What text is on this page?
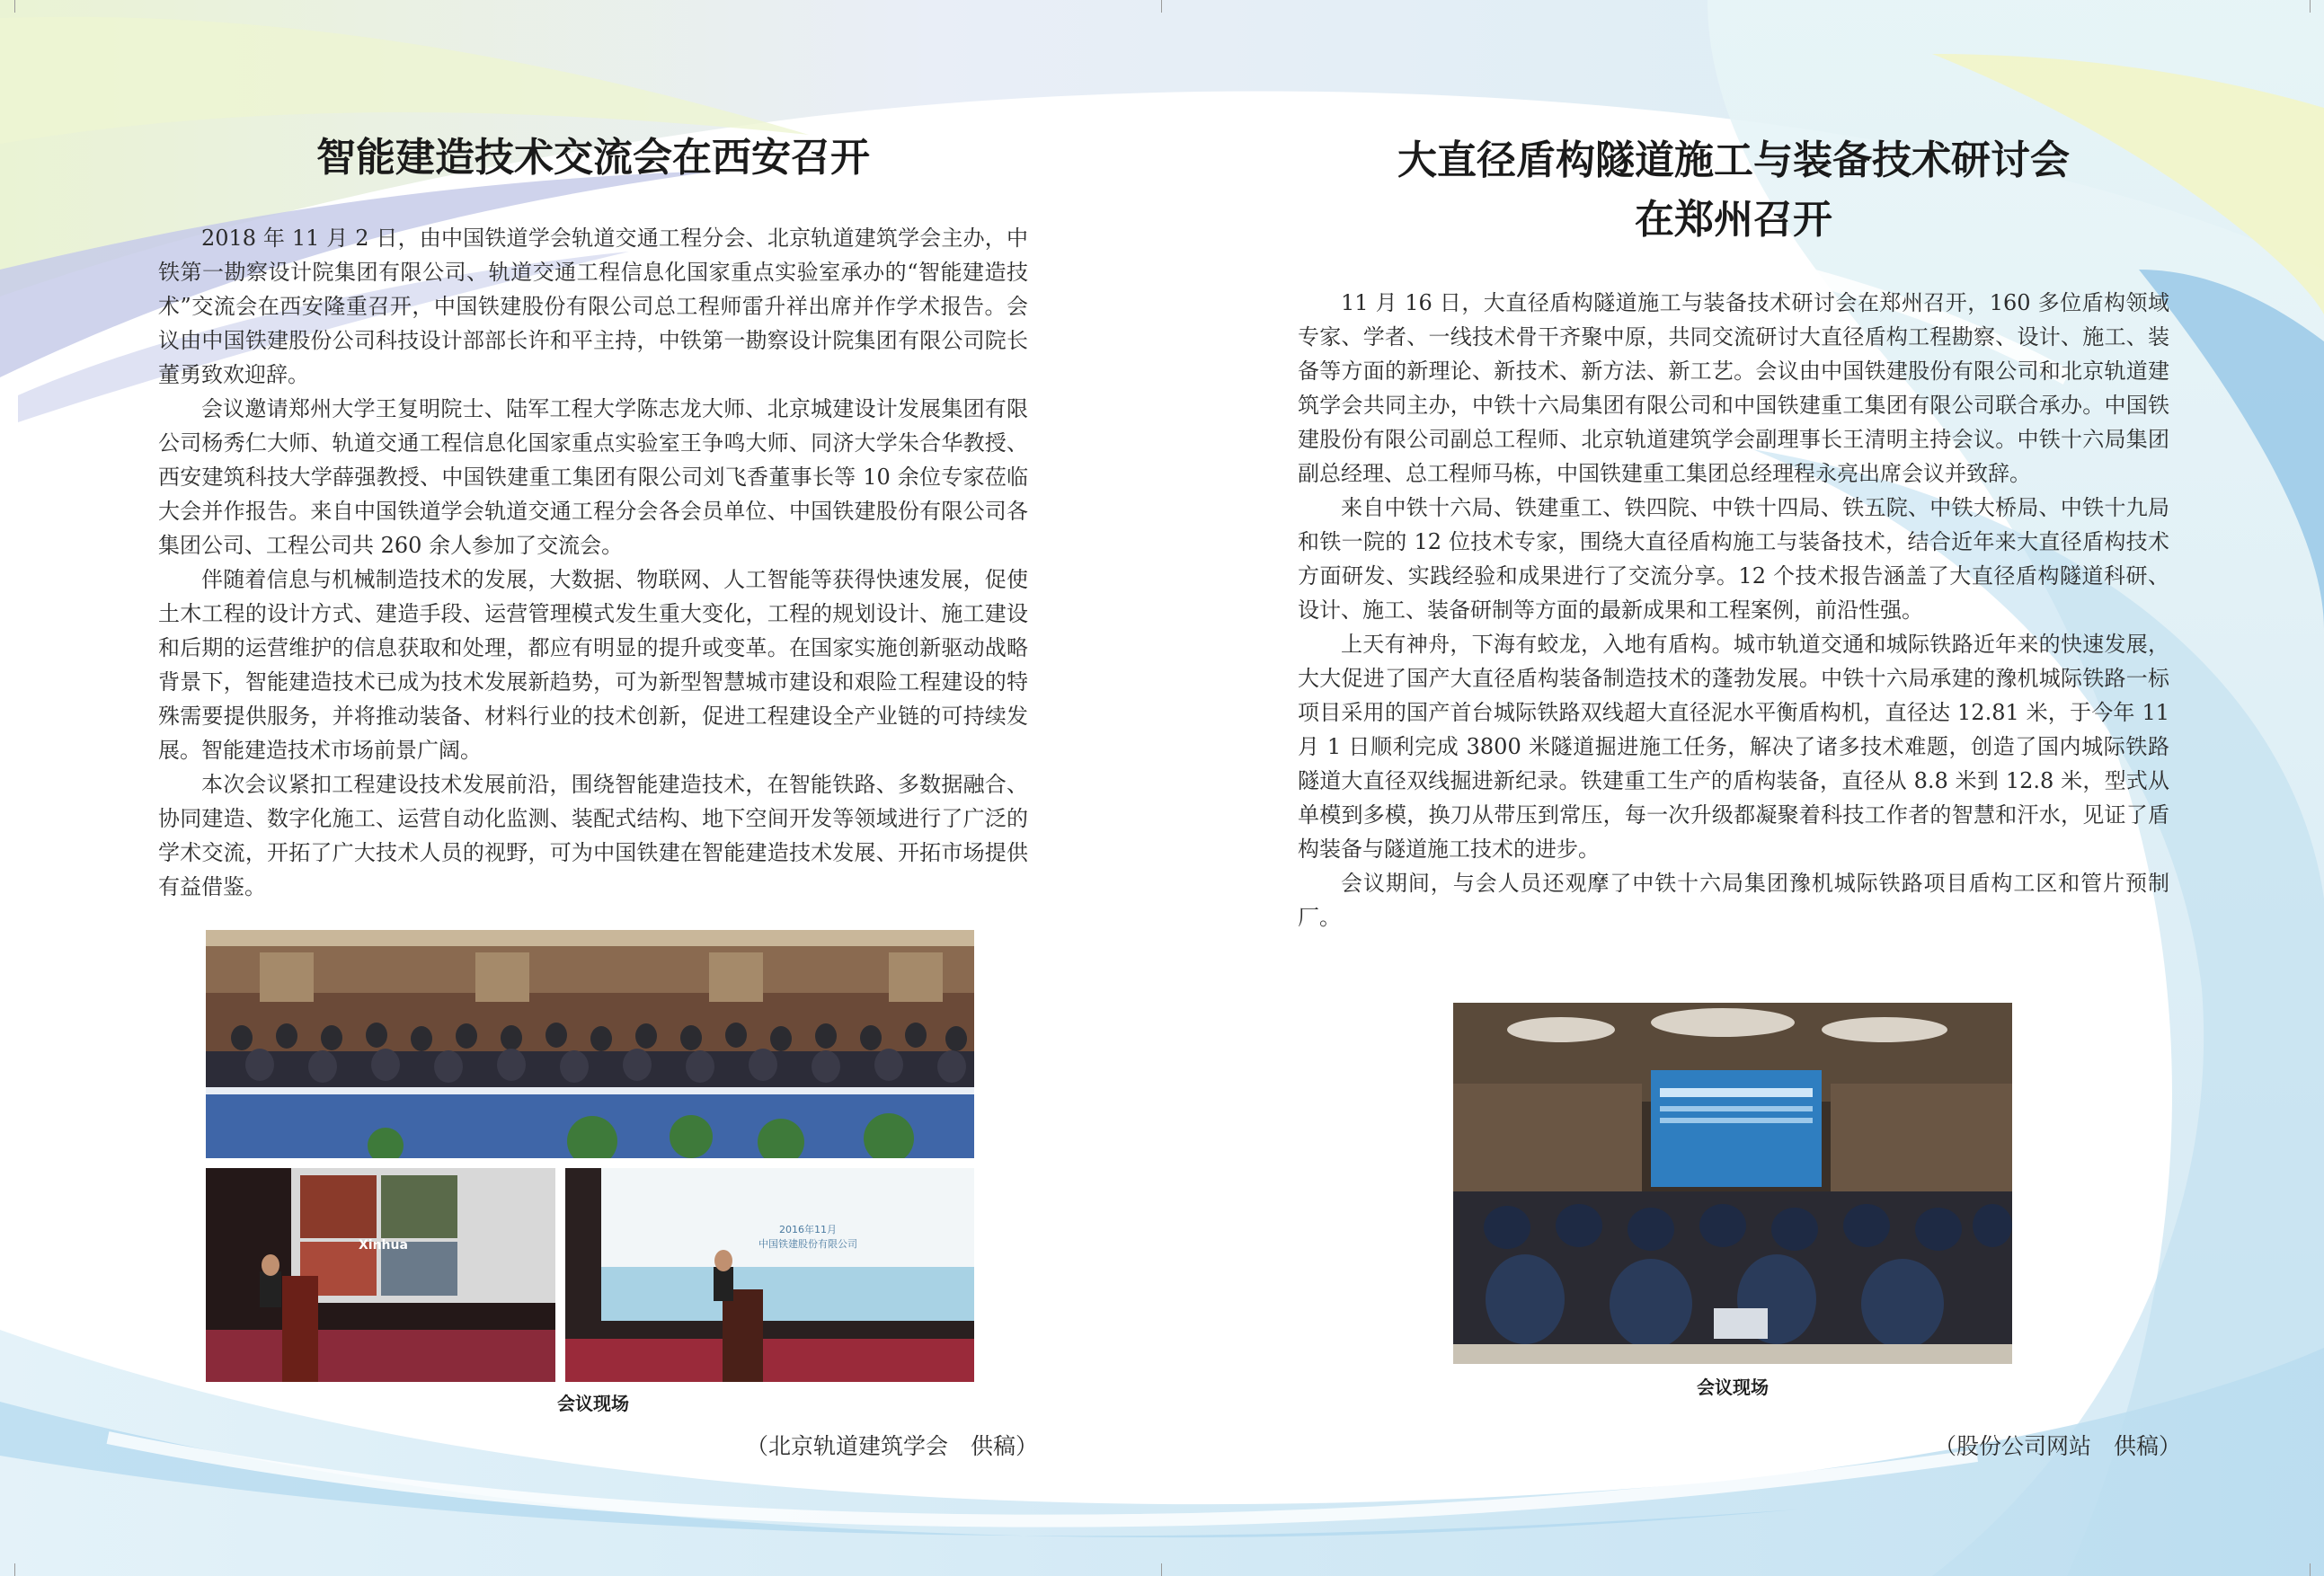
智能建造技术交流会在西安召开

2018 年 11 月 2 日，由中国铁道学会轨道交通工程分会、北京轨道建筑学会主办，中铁第一勘察设计院集团有限公司、轨道交通工程信息化国家重点实验室承办的“智能建造技术”交流会在西安隆重召开，中国铁建股份有限公司总工程师雷升祥出席并作学术报告。会议由中国铁建股份公司科技设计部部长许和平主持，中铁第一勘察设计院集团有限公司院长董勇致欢迎辞。

会议邀请郑州大学王复明院士、陆军工程大学陈志龙大师、北京城建设计发展集团有限公司杨秀仁大师、轨道交通工程信息化国家重点实验室王争鸣大师、同济大学朱合华教授、西安建筑科技大学薛强教授、中国铁建重工集团有限公司刘飞香董事长等 10 余位专家莅临大会并作报告。来自中国铁道学会轨道交通工程分会各会员单位、中国铁建股份有限公司各集团公司、工程公司共 260 余人参加了交流会。

伴随着信息与机械制造技术的发展，大数据、物联网、人工智能等获得快速发展，促使土木工程的设计方式、建造手段、运营管理模式发生重大变化，工程的规划设计、施工建设和后期的运营维护的信息获取和处理，都应有明显的提升或变革。在国家实施创新驱动战略背景下，智能建造技术已成为技术发展新趋势，可为新型智慧城市建设和艰险工程建设的特殊需要提供服务，并将推动装备、材料行业的技术创新，促进工程建设全产业链的可持续发展。智能建造技术市场前景广阔。

本次会议紧扣工程建设技术发展前沿，围绕智能建造技术，在智能铁路、多数据融合、协同建造、数字化施工、运营自动化监测、装配式结构、地下空间开发等领域进行了广泛的学术交流，开拓了广大技术人员的视野，可为中国铁建在智能建造技术发展、开拓市场提供有益借鉴。

Xinhua
2016年11月
中国铁建股份有限公司
会议现场
（北京轨道建筑学会　供稿）
大直径盾构隧道施工与装备技术研讨会
在郑州召开

11 月 16 日，大直径盾构隧道施工与装备技术研讨会在郑州召开，160 多位盾构领域专家、学者、一线技术骨干齐聚中原，共同交流研讨大直径盾构工程勘察、设计、施工、装备等方面的新理论、新技术、新方法、新工艺。会议由中国铁建股份有限公司和北京轨道建筑学会共同主办，中铁十六局集团有限公司和中国铁建重工集团有限公司联合承办。中国铁建股份有限公司副总工程师、北京轨道建筑学会副理事长王清明主持会议。中铁十六局集团副总经理、总工程师马栋，中国铁建重工集团总经理程永亮出席会议并致辞。

来自中铁十六局、铁建重工、铁四院、中铁十四局、铁五院、中铁大桥局、中铁十九局和铁一院的 12 位技术专家，围绕大直径盾构施工与装备技术，结合近年来大直径盾构技术方面研发、实践经验和成果进行了交流分享。12 个技术报告涵盖了大直径盾构隧道科研、设计、施工、装备研制等方面的最新成果和工程案例，前沿性强。

上天有神舟，下海有蛟龙，入地有盾构。城市轨道交通和城际铁路近年来的快速发展，大大促进了国产大直径盾构装备制造技术的蓬勃发展。中铁十六局承建的豫机城际铁路一标项目采用的国产首台城际铁路双线超大直径泥水平衡盾构机，直径达 12.81 米，于今年 11 月 1 日顺利完成 3800 米隧道掘进施工任务，解决了诸多技术难题，创造了国内城际铁路隧道大直径双线掘进新纪录。铁建重工生产的盾构装备，直径从 8.8 米到 12.8 米，型式从单模到多模，换刀从带压到常压，每一次升级都凝聚着科技工作者的智慧和汗水，见证了盾构装备与隧道施工技术的进步。

会议期间，与会人员还观摩了中铁十六局集团豫机城际铁路项目盾构工区和管片预制厂。

会议现场
（股份公司网站　供稿）
